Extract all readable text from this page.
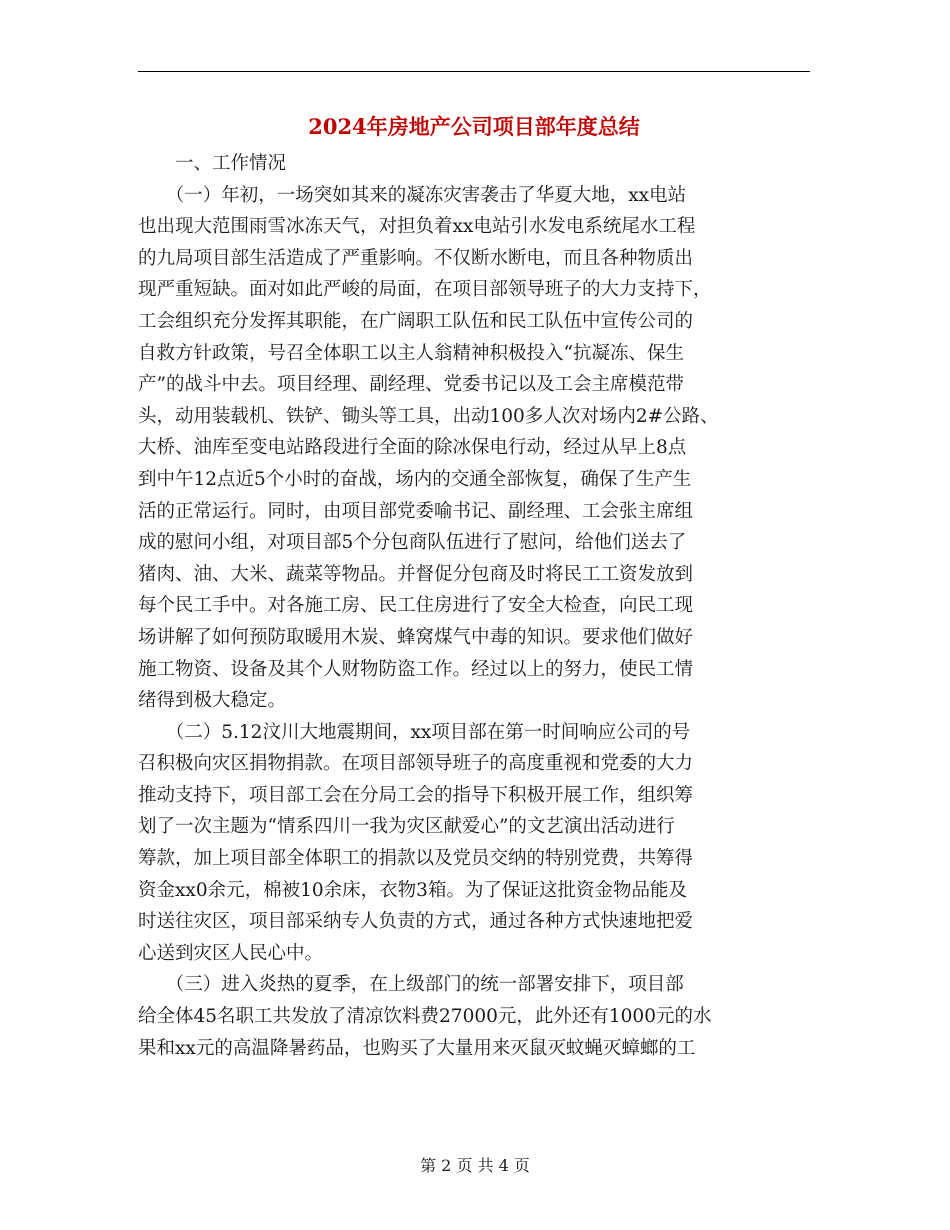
2024年房地产公司项目部年度总结
　　一、工作情况
　　（一）年初，一场突如其来的凝冻灾害袭击了华夏大地，xx电站
也出现大范围雨雪冰冻天气，对担负着xx电站引水发电系统尾水工程
的九局项目部生活造成了严重影响。不仅断水断电，而且各种物质出
现严重短缺。面对如此严峻的局面，在项目部领导班子的大力支持下，
工会组织充分发挥其职能，在广阔职工队伍和民工队伍中宣传公司的
自救方针政策，号召全体职工以主人翁精神积极投入“抗凝冻、保生
产”的战斗中去。项目经理、副经理、党委书记以及工会主席模范带
头，动用装载机、铁铲、锄头等工具，出动100多人次对场内2#公路、
大桥、油库至变电站路段进行全面的除冰保电行动，经过从早上8点
到中午12点近5个小时的奋战，场内的交通全部恢复，确保了生产生
活的正常运行。同时，由项目部党委喻书记、副经理、工会张主席组
成的慰问小组，对项目部5个分包商队伍进行了慰问，给他们送去了
猪肉、油、大米、蔬菜等物品。并督促分包商及时将民工工资发放到
每个民工手中。对各施工房、民工住房进行了安全大检查，向民工现
场讲解了如何预防取暖用木炭、蜂窝煤气中毒的知识。要求他们做好
施工物资、设备及其个人财物防盗工作。经过以上的努力，使民工情
绪得到极大稳定。
　　（二）5.12汶川大地震期间，xx项目部在第一时间响应公司的号
召积极向灾区捐物捐款。在项目部领导班子的高度重视和党委的大力
推动支持下，项目部工会在分局工会的指导下积极开展工作，组织筹
划了一次主题为“情系四川一我为灾区献爱心”的文艺演出活动进行
筹款，加上项目部全体职工的捐款以及党员交纳的特别党费，共筹得
资金xx0余元，棉被10余床，衣物3箱。为了保证这批资金物品能及
时送往灾区，项目部采纳专人负责的方式，通过各种方式快速地把爱
心送到灾区人民心中。
　　（三）进入炎热的夏季，在上级部门的统一部署安排下，项目部
给全体45名职工共发放了清凉饮料费27000元，此外还有1000元的水
果和xx元的高温降暑药品，也购买了大量用来灭鼠灭蚊蝇灭蟑螂的工
第 2 页 共 4 页
